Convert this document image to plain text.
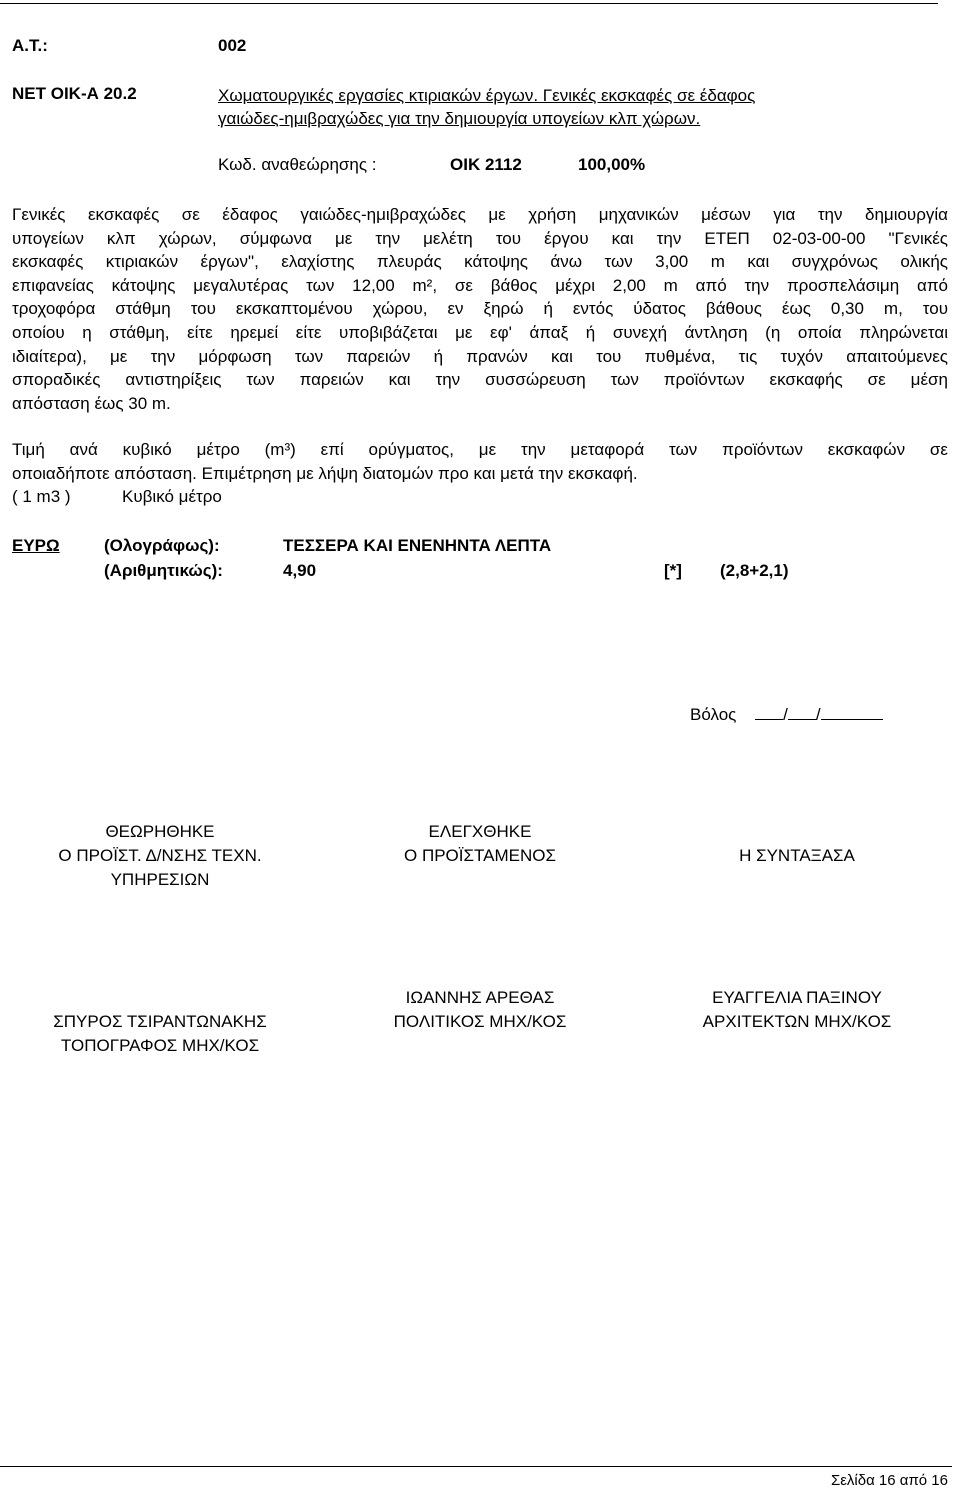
Α.Τ.:	002
ΝΕΤ ΟΙΚ-Α 20.2	Χωματουργικές εργασίες κτιριακών έργων. Γενικές εκσκαφές σε έδαφος
γαιώδες-ημιβραχώδες για την δημιουργία υπογείων κλπ χώρων.
Κωδ. αναθεώρησης :	ΟΙΚ 2112	100,00%
Γενικές εκσκαφές σε έδαφος γαιώδες-ημιβραχώδες με χρήση μηχανικών μέσων για την δημιουργία
υπογείων κλπ χώρων, σύμφωνα με την μελέτη του έργου και την ΕΤΕΠ 02-03-00-00 "Γενικές
εκσκαφές κτιριακών έργων", ελαχίστης πλευράς κάτοψης άνω των 3,00 m και συγχρόνως ολικής
επιφανείας κάτοψης μεγαλυτέρας των 12,00 m², σε βάθος μέχρι 2,00 m από την προσπελάσιμη από
τροχοφόρα στάθμη του εκσκαπτομένου χώρου, εν ξηρώ ή εντός ύδατος βάθους έως 0,30 m, του
οποίου η στάθμη, είτε ηρεμεί είτε υποβιβάζεται με εφ' άπαξ ή συνεχή άντληση (η οποία πληρώνεται
ιδιαίτερα), με την μόρφωση των παρειών ή πρανών και του πυθμένα, τις τυχόν απαιτούμενες
σποραδικές αντιστηρίξεις των παρειών και την συσσώρευση των προϊόντων εκσκαφής σε μέση
απόσταση έως 30 m.
Τιμή ανά κυβικό μέτρο (m³) επί ορύγματος, με την μεταφορά των προϊόντων εκσκαφών σε
οποιαδήποτε απόσταση. Επιμέτρηση με λήψη διατομών προ και μετά την εκσκαφή.
( 1 m3 )	Κυβικό μέτρο
ΕΥΡΩ	(Ολογράφως):	ΤΕΣΣΕΡΑ ΚΑΙ ΕΝΕΝΗΝΤΑ ΛΕΠΤΑ
(Αριθμητικώς):	4,90	[*] (2,8+2,1)
Βόλος	/ /
ΘΕΩΡΗΘΗΚΕ
Ο ΠΡΟΪΣΤ. Δ/ΝΣΗΣ ΤΕΧΝ.
ΥΠΗΡΕΣΙΩΝ
ΕΛΕΓΧΘΗΚΕ
Ο ΠΡΟΪΣΤΑΜΕΝΟΣ
	Η ΣΥΝΤΑΞΑΣΑ

ΣΠΥΡΟΣ ΤΣΙΡΑΝΤΩΝΑΚΗΣ
ΤΟΠΟΓΡΑΦΟΣ ΜΗΧ/ΚΟΣ
ΙΩΑΝΝΗΣ ΑΡΕΘΑΣ
ΠΟΛΙΤΙΚΟΣ ΜΗΧ/ΚΟΣ
ΕΥΑΓΓΕΛΙΑ ΠΑΞΙΝΟΥ
ΑΡΧΙΤΕΚΤΩΝ ΜΗΧ/ΚΟΣ
Σελίδα 16 από 16
